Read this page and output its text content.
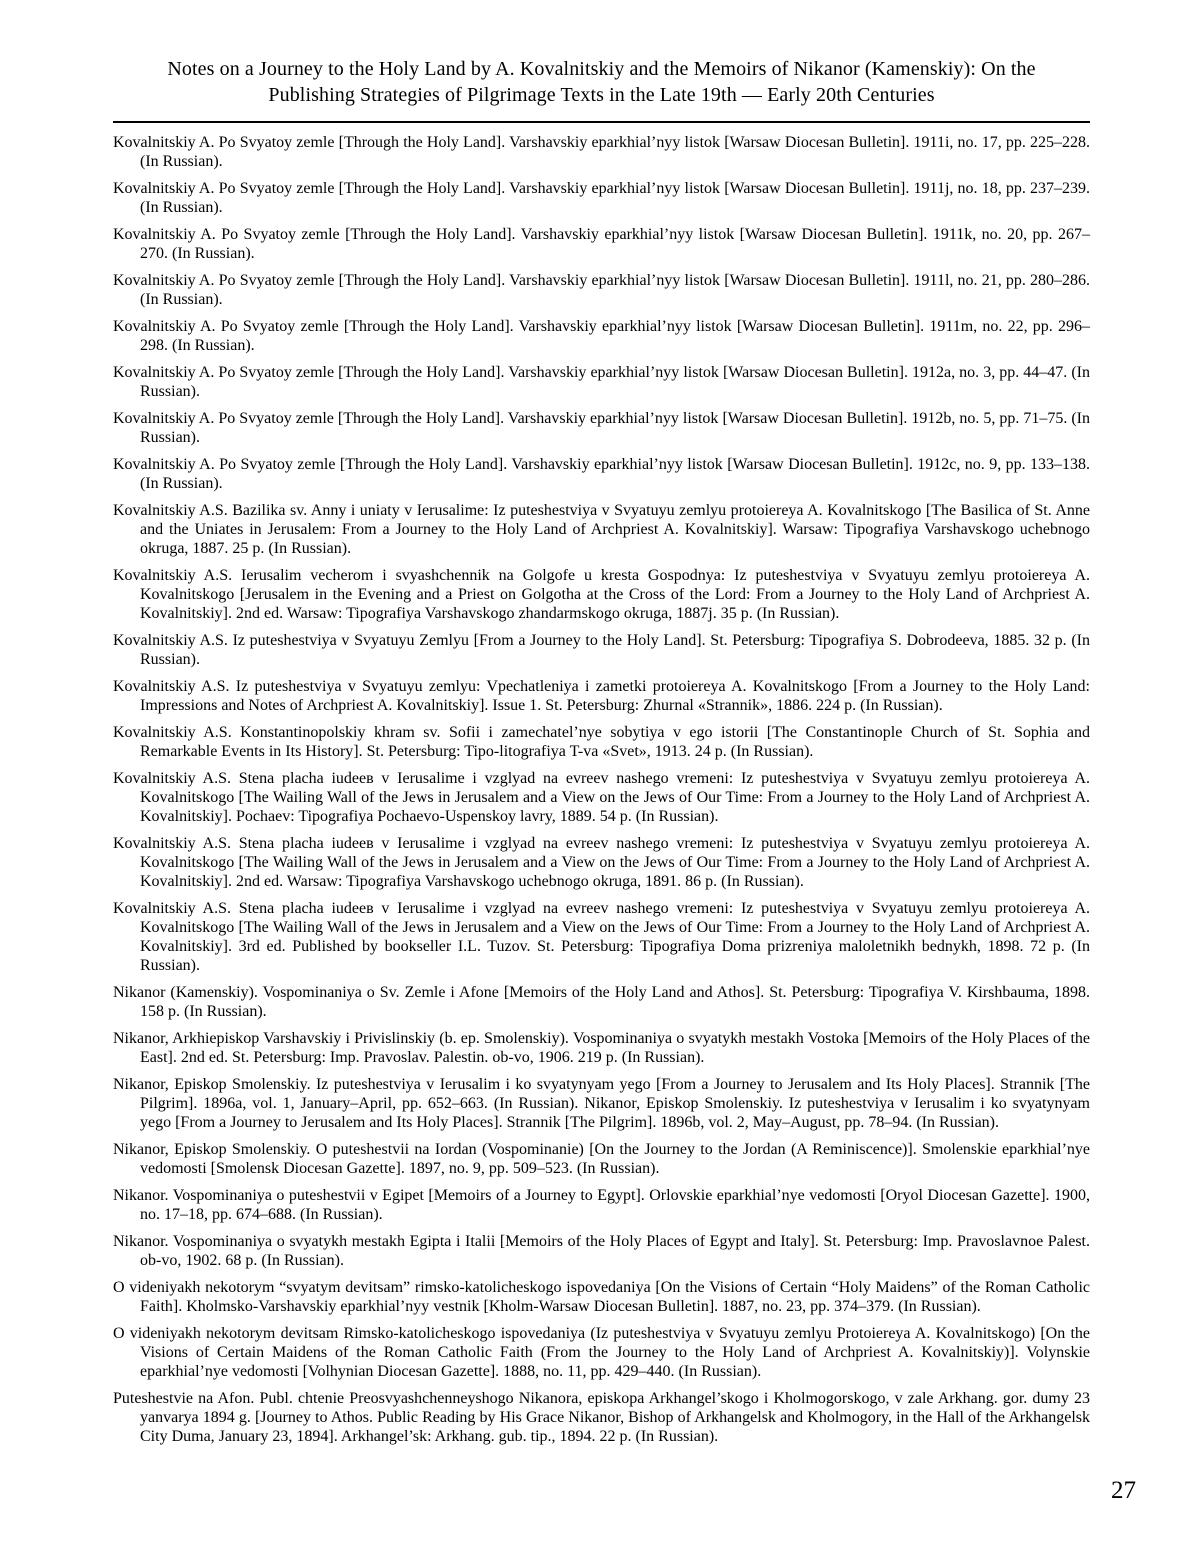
Notes on a Journey to the Holy Land by A. Kovalnitskiy and the Memoirs of Nikanor (Kamenskiy): On the Publishing Strategies of Pilgrimage Texts in the Late 19th — Early 20th Centuries

Kovalnitskiy A. Po Svyatoy zemle [Through the Holy Land]. Varshavskiy eparkhial’nyy listok [Warsaw Diocesan Bulletin]. 1911i, no. 17, pp. 225–228. (In Russian).

Kovalnitskiy A. Po Svyatoy zemle [Through the Holy Land]. Varshavskiy eparkhial’nyy listok [Warsaw Diocesan Bulletin]. 1911j, no. 18, pp. 237–239. (In Russian).

Kovalnitskiy A. Po Svyatoy zemle [Through the Holy Land]. Varshavskiy eparkhial’nyy listok [Warsaw Diocesan Bulletin]. 1911k, no. 20, pp. 267–270. (In Russian).

Kovalnitskiy A. Po Svyatoy zemle [Through the Holy Land]. Varshavskiy eparkhial’nyy listok [Warsaw Diocesan Bulletin]. 1911l, no. 21, pp. 280–286. (In Russian).

Kovalnitskiy A. Po Svyatoy zemle [Through the Holy Land]. Varshavskiy eparkhial’nyy listok [Warsaw Diocesan Bulletin]. 1911m, no. 22, pp. 296–298. (In Russian).

Kovalnitskiy A. Po Svyatoy zemle [Through the Holy Land]. Varshavskiy eparkhial’nyy listok [Warsaw Diocesan Bulletin]. 1912a, no. 3, pp. 44–47. (In Russian).

Kovalnitskiy A. Po Svyatoy zemle [Through the Holy Land]. Varshavskiy eparkhial’nyy listok [Warsaw Diocesan Bulletin]. 1912b, no. 5, pp. 71–75. (In Russian).

Kovalnitskiy A. Po Svyatoy zemle [Through the Holy Land]. Varshavskiy eparkhial’nyy listok [Warsaw Diocesan Bulletin]. 1912c, no. 9, pp. 133–138. (In Russian).

Kovalnitskiy A.S. Bazilika sv. Anny i uniaty v Ierusalime: Iz puteshestviya v Svyatuyu zemlyu protoiereya A. Kovalnitskogo [The Basilica of St. Anne and the Uniates in Jerusalem: From a Journey to the Holy Land of Archpriest A. Kovalnitskiy]. Warsaw: Tipografiya Varshavskogo uchebnogo okruga, 1887. 25 p. (In Russian).

Kovalnitskiy A.S. Ierusalim vecherom i svyashchennik na Golgofe u kresta Gospodnya: Iz puteshestviya v Svyatuyu zemlyu protoiereya A. Kovalnitskogo [Jerusalem in the Evening and a Priest on Golgotha at the Cross of the Lord: From a Journey to the Holy Land of Archpriest A. Kovalnitskiy]. 2nd ed. Warsaw: Tipografiya Varshavskogo zhandarmskogo okruga, 1887j. 35 p. (In Russian).

Kovalnitskiy A.S. Iz puteshestviya v Svyatuyu Zemlyu [From a Journey to the Holy Land]. St. Petersburg: Tipografiya S. Dobrodeeva, 1885. 32 p. (In Russian).

Kovalnitskiy A.S. Iz puteshestviya v Svyatuyu zemlyu: Vpechatleniya i zametki protoiereya A. Kovalnitskogo [From a Journey to the Holy Land: Impressions and Notes of Archpriest A. Kovalnitskiy]. Issue 1. St. Petersburg: Zhurnal «Strannik», 1886. 224 p. (In Russian).

Kovalnitskiy A.S. Konstantinopolskiy khram sv. Sofii i zamechatel’nye sobytiya v ego istorii [The Constantinople Church of St. Sophia and Remarkable Events in Its History]. St. Petersburg: Tipo-litografiya T-va «Svet», 1913. 24 p. (In Russian).

Kovalnitskiy A.S. Stena placha iudeeв v Ierusalime i vzglyad na evreev nashego vremeni: Iz puteshestviya v Svyatuyu zemlyu protoiereya A. Kovalnitskogo [The Wailing Wall of the Jews in Jerusalem and a View on the Jews of Our Time: From a Journey to the Holy Land of Archpriest A. Kovalnitskiy]. Pochaev: Tipografiya Pochaevo-Uspenskoy lavry, 1889. 54 p. (In Russian).

Kovalnitskiy A.S. Stena placha iudeeв v Ierusalime i vzglyad na evreev nashego vremeni: Iz puteshestviya v Svyatuyu zemlyu protoiereya A. Kovalnitskogo [The Wailing Wall of the Jews in Jerusalem and a View on the Jews of Our Time: From a Journey to the Holy Land of Archpriest A. Kovalnitskiy]. 2nd ed. Warsaw: Tipografiya Varshavskogo uchebnogo okruga, 1891. 86 p. (In Russian).

Kovalnitskiy A.S. Stena placha iudeeв v Ierusalime i vzglyad na evreev nashego vremeni: Iz puteshestviya v Svyatuyu zemlyu protoiereya A. Kovalnitskogo [The Wailing Wall of the Jews in Jerusalem and a View on the Jews of Our Time: From a Journey to the Holy Land of Archpriest A. Kovalnitskiy]. 3rd ed. Published by bookseller I.L. Tuzov. St. Petersburg: Tipografiya Doma prizreniya maloletnikh bednykh, 1898. 72 p. (In Russian).

Nikanor (Kamenskiy). Vospominaniya o Sv. Zemle i Afone [Memoirs of the Holy Land and Athos]. St. Petersburg: Tipografiya V. Kirshbauma, 1898. 158 p. (In Russian).

Nikanor, Arkhiepiskop Varshavskiy i Privislinskiy (b. ep. Smolenskiy). Vospominaniya o svyatykh mestakh Vostoka [Memoirs of the Holy Places of the East]. 2nd ed. St. Petersburg: Imp. Pravoslav. Palestin. ob-vo, 1906. 219 p. (In Russian).

Nikanor, Episkop Smolenskiy. Iz puteshestviya v Ierusalim i ko svyatynyam yego [From a Journey to Jerusalem and Its Holy Places]. Strannik [The Pilgrim]. 1896a, vol. 1, January–April, pp. 652–663. (In Russian). Nikanor, Episkop Smolenskiy. Iz puteshestviya v Ierusalim i ko svyatynyam yego [From a Journey to Jerusalem and Its Holy Places]. Strannik [The Pilgrim]. 1896b, vol. 2, May–August, pp. 78–94. (In Russian).

Nikanor, Episkop Smolenskiy. O puteshestvii na Iordan (Vospominanie) [On the Journey to the Jordan (A Reminiscence)]. Smolenskie eparkhial’nye vedomosti [Smolensk Diocesan Gazette]. 1897, no. 9, pp. 509–523. (In Russian).

Nikanor. Vospominaniya o puteshestvii v Egipet [Memoirs of a Journey to Egypt]. Orlovskie eparkhial’nye vedomosti [Oryol Diocesan Gazette]. 1900, no. 17–18, pp. 674–688. (In Russian).

Nikanor. Vospominaniya o svyatykh mestakh Egipta i Italii [Memoirs of the Holy Places of Egypt and Italy]. St. Petersburg: Imp. Pravoslavnoe Palest. ob-vo, 1902. 68 p. (In Russian).

O videniyakh nekotorym “svyatym devitsam” rimsko-katolicheskogo ispovedaniya [On the Visions of Certain “Holy Maidens” of the Roman Catholic Faith]. Kholmsko-Varshavskiy eparkhial’nyy vestnik [Kholm-Warsaw Diocesan Bulletin]. 1887, no. 23, pp. 374–379. (In Russian).

O videniyakh nekotorym devitsam Rimsko-katolicheskogo ispovedaniya (Iz puteshestviya v Svyatuyu zemlyu Protoiereya A. Kovalnitskogo) [On the Visions of Certain Maidens of the Roman Catholic Faith (From the Journey to the Holy Land of Archpriest A. Kovalnitskiy)]. Volynskie eparkhial’nye vedomosti [Volhynian Diocesan Gazette]. 1888, no. 11, pp. 429–440. (In Russian).

Puteshestvie na Afon. Publ. chtenie Preosvyashchenneyshogo Nikanora, episkopa Arkhangel’skogo i Kholmogorskogo, v zale Arkhang. gor. dumy 23 yanvarya 1894 g. [Journey to Athos. Public Reading by His Grace Nikanor, Bishop of Arkhangelsk and Kholmogory, in the Hall of the Arkhangelsk City Duma, January 23, 1894]. Arkhangel’sk: Arkhang. gub. tip., 1894. 22 p. (In Russian).

27
